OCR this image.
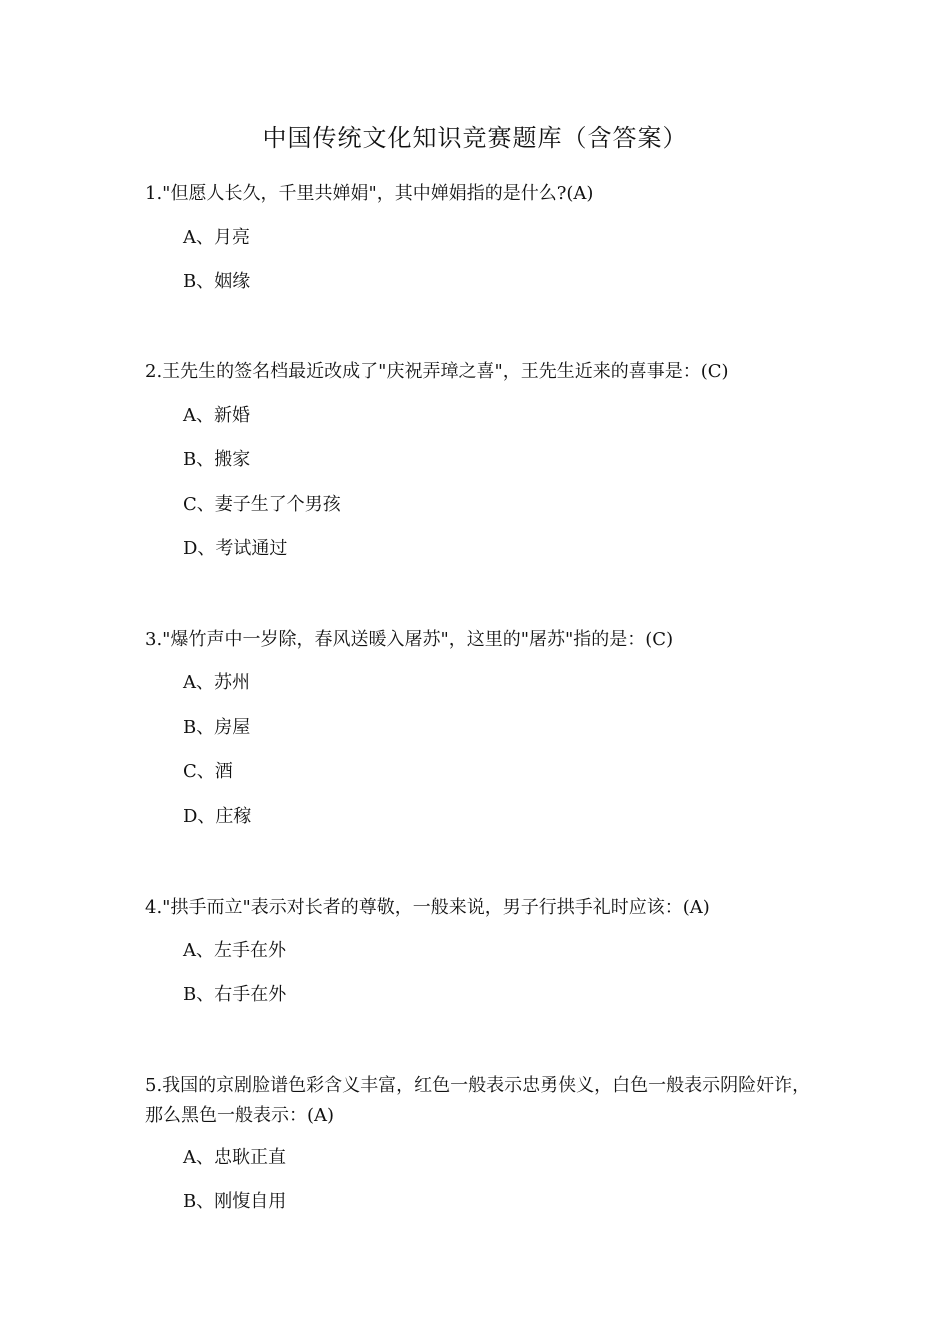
中国传统文化知识竞赛题库（含答案）
1."但愿人长久，千里共婵娟"，其中婵娟指的是什么?(A)
A、月亮
B、姻缘
2.王先生的签名档最近改成了"庆祝弄璋之喜"，王先生近来的喜事是：(C)
A、新婚
B、搬家
C、妻子生了个男孩
D、考试通过
3."爆竹声中一岁除，春风送暖入屠苏"，这里的"屠苏"指的是：(C)
A、苏州
B、房屋
C、酒
D、庄稼
4."拱手而立"表示对长者的尊敬，一般来说，男子行拱手礼时应该：(A)
A、左手在外
B、右手在外
5.我国的京剧脸谱色彩含义丰富，红色一般表示忠勇侠义，白色一般表示阴险奸诈，那么黑色一般表示：(A)
A、忠耿正直
B、刚愎自用
